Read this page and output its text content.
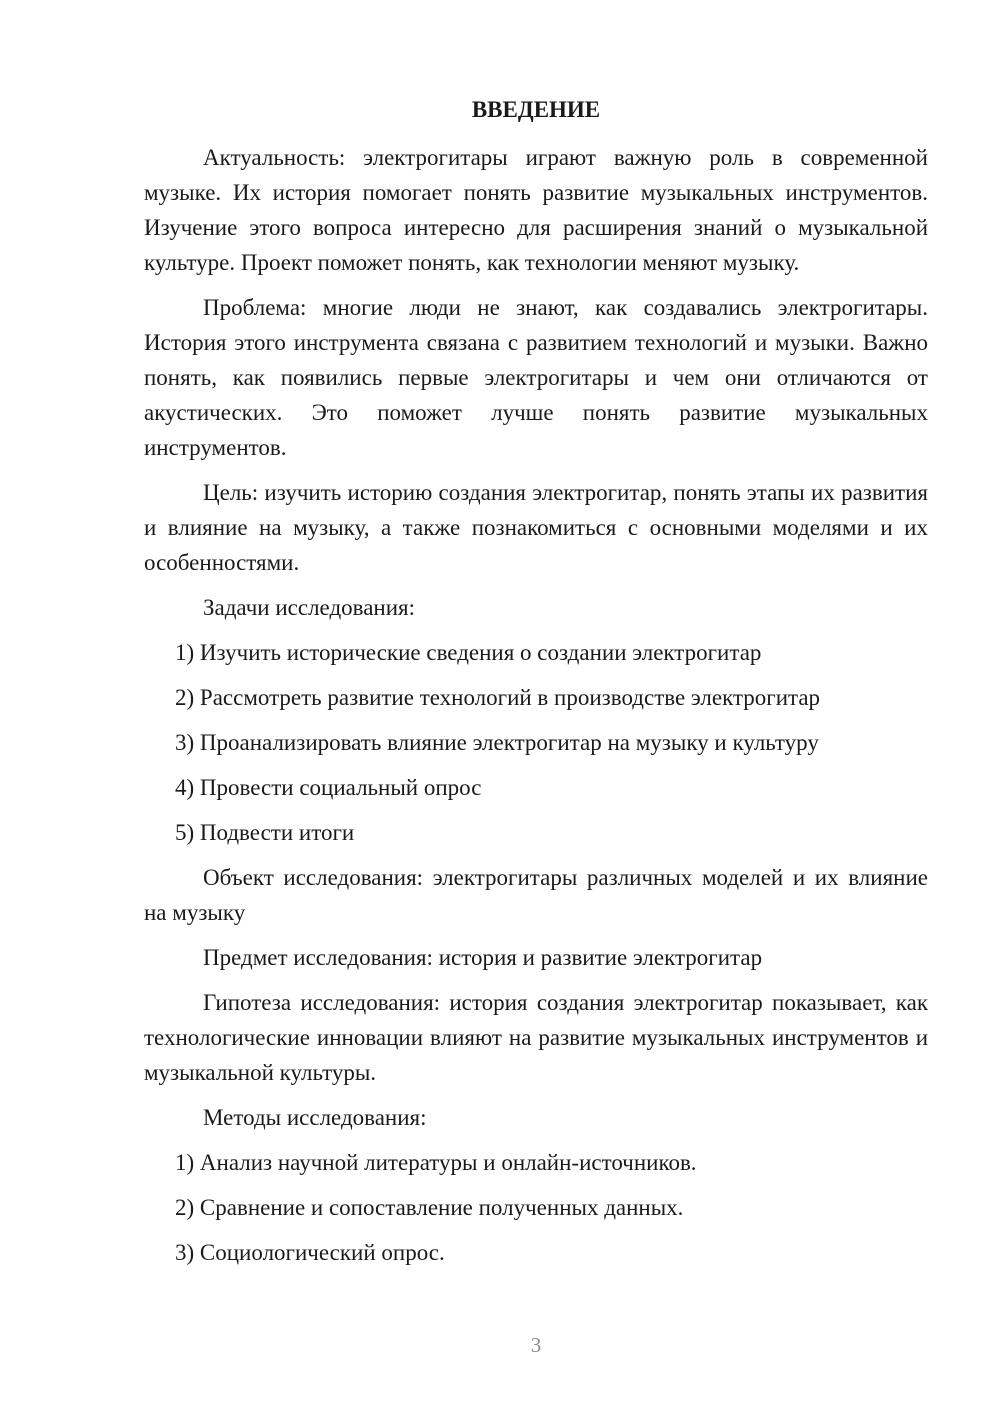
ВВЕДЕНИЕ

Актуальность: электрогитары играют важную роль в современной музыке. Их история помогает понять развитие музыкальных инструментов. Изучение этого вопроса интересно для расширения знаний о музыкальной культуре. Проект поможет понять, как технологии меняют музыку.

Проблема: многие люди не знают, как создавались электрогитары. История этого инструмента связана с развитием технологий и музыки. Важно понять, как появились первые электрогитары и чем они отличаются от акустических. Это поможет лучше понять развитие музыкальных инструментов.

Цель: изучить историю создания электрогитар, понять этапы их развития и влияние на музыку, а также познакомиться с основными моделями и их особенностями.

Задачи исследования:

1) Изучить исторические сведения о создании электрогитар

2) Рассмотреть развитие технологий в производстве электрогитар

3) Проанализировать влияние электрогитар на музыку и культуру

4) Провести социальный опрос

5) Подвести итоги

Объект исследования: электрогитары различных моделей и их влияние на музыку

Предмет исследования: история и развитие электрогитар

Гипотеза исследования: история создания электрогитар показывает, как технологические инновации влияют на развитие музыкальных инструментов и музыкальной культуры.

Методы исследования:

1) Анализ научной литературы и онлайн-источников.

2) Сравнение и сопоставление полученных данных.

3) Социологический опрос.

3
